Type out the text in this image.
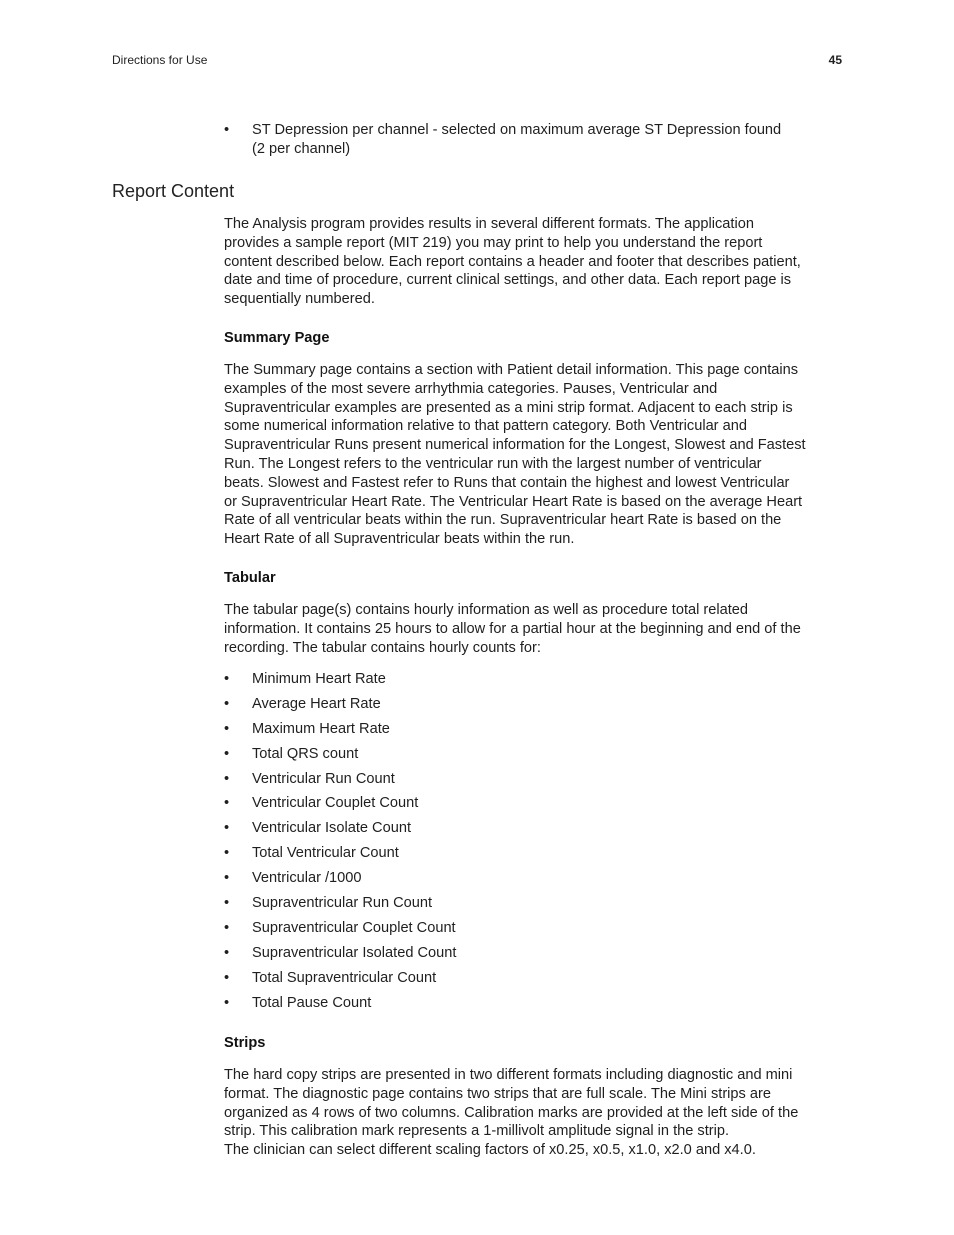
Directions for Use	45
• ST Depression per channel - selected on maximum average ST Depression found
(2 per channel)
Report Content
The Analysis program provides results in several different formats. The application
provides a sample report (MIT 219) you may print to help you understand the report
content described below. Each report contains a header and footer that describes patient,
date and time of procedure, current clinical settings, and other data. Each report page is
sequentially numbered.
Summary Page
The Summary page contains a section with Patient detail information. This page contains
examples of the most severe arrhythmia categories. Pauses, Ventricular and
Supraventricular examples are presented as a mini strip format. Adjacent to each strip is
some numerical information relative to that pattern category. Both Ventricular and
Supraventricular Runs present numerical information for the Longest, Slowest and Fastest
Run. The Longest refers to the ventricular run with the largest number of ventricular
beats. Slowest and Fastest refer to Runs that contain the highest and lowest Ventricular
or Supraventricular Heart Rate. The Ventricular Heart Rate is based on the average Heart
Rate of all ventricular beats within the run. Supraventricular heart Rate is based on the
Heart Rate of all Supraventricular beats within the run.
Tabular
The tabular page(s) contains hourly information as well as procedure total related
information. It contains 25 hours to allow for a partial hour at the beginning and end of the
recording. The tabular contains hourly counts for:
• Minimum Heart Rate
• Average Heart Rate
• Maximum Heart Rate
• Total QRS count
• Ventricular Run Count
• Ventricular Couplet Count
• Ventricular Isolate Count
• Total Ventricular Count
• Ventricular /1000
• Supraventricular Run Count
• Supraventricular Couplet Count
• Supraventricular Isolated Count
• Total Supraventricular Count
• Total Pause Count
Strips
The hard copy strips are presented in two different formats including diagnostic and mini
format. The diagnostic page contains two strips that are full scale. The Mini strips are
organized as 4 rows of two columns. Calibration marks are provided at the left side of the
strip. This calibration mark represents a 1-millivolt amplitude signal in the strip.
The clinician can select different scaling factors of x0.25, x0.5, x1.0, x2.0 and x4.0.
